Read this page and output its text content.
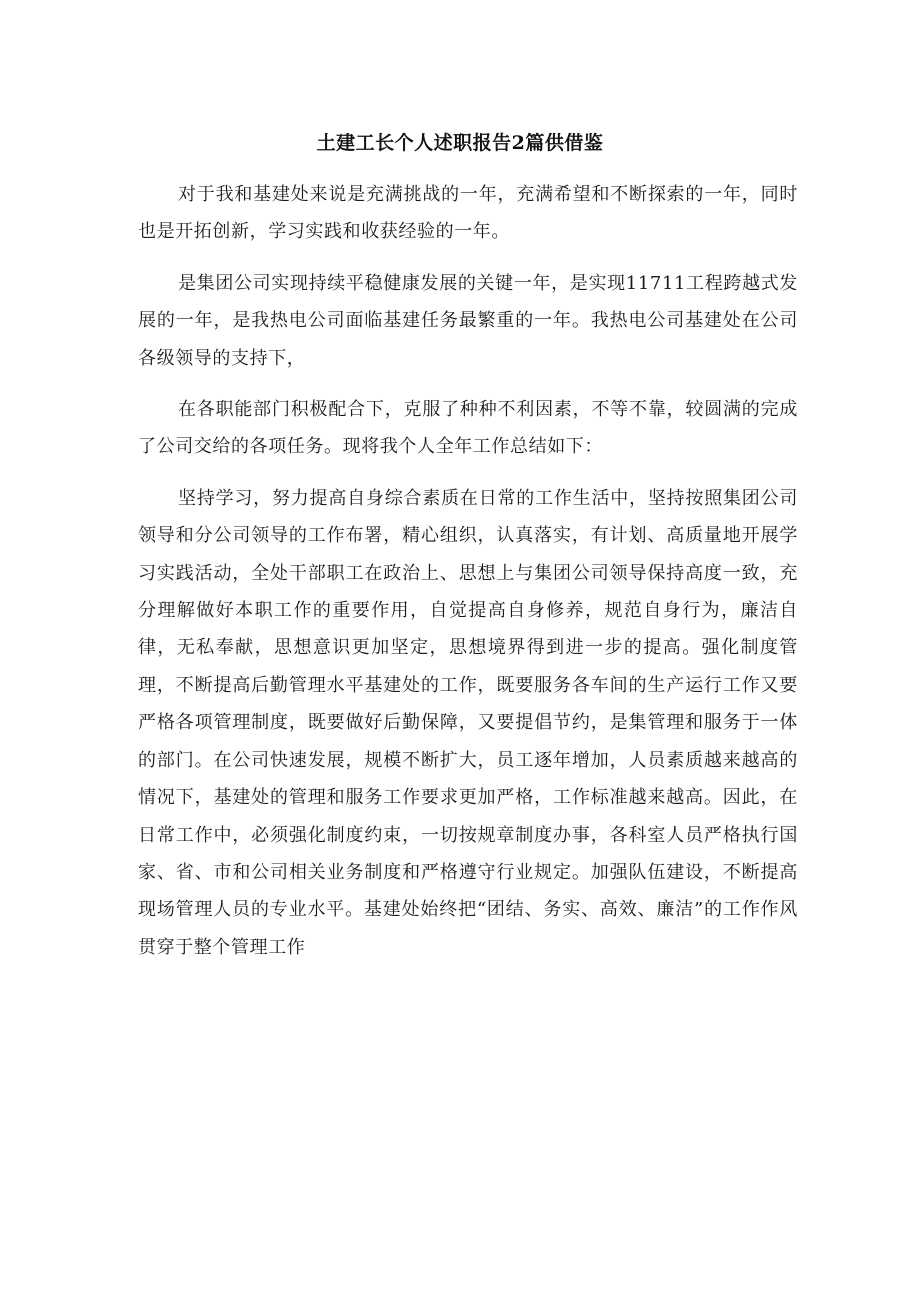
土建工长个人述职报告2篇供借鉴

对于我和基建处来说是充满挑战的一年，充满希望和不断探索的一年，同时也是开拓创新，学习实践和收获经验的一年。

是集团公司实现持续平稳健康发展的关键一年，是实现11711工程跨越式发展的一年，是我热电公司面临基建任务最繁重的一年。我热电公司基建处在公司各级领导的支持下，

在各职能部门积极配合下，克服了种种不利因素，不等不靠，较圆满的完成了公司交给的各项任务。现将我个人全年工作总结如下：

坚持学习，努力提高自身综合素质在日常的工作生活中，坚持按照集团公司领导和分公司领导的工作布署，精心组织，认真落实，有计划、高质量地开展学习实践活动，全处干部职工在政治上、思想上与集团公司领导保持高度一致，充分理解做好本职工作的重要作用，自觉提高自身修养，规范自身行为，廉洁自律，无私奉献，思想意识更加坚定，思想境界得到进一步的提高。强化制度管理，不断提高后勤管理水平基建处的工作，既要服务各车间的生产运行工作又要严格各项管理制度，既要做好后勤保障，又要提倡节约，是集管理和服务于一体的部门。在公司快速发展，规模不断扩大，员工逐年增加，人员素质越来越高的情况下，基建处的管理和服务工作要求更加严格，工作标准越来越高。因此，在日常工作中，必须强化制度约束，一切按规章制度办事，各科室人员严格执行国家、省、市和公司相关业务制度和严格遵守行业规定。加强队伍建设，不断提高现场管理人员的专业水平。基建处始终把“团结、务实、高效、廉洁”的工作作风贯穿于整个管理工作
